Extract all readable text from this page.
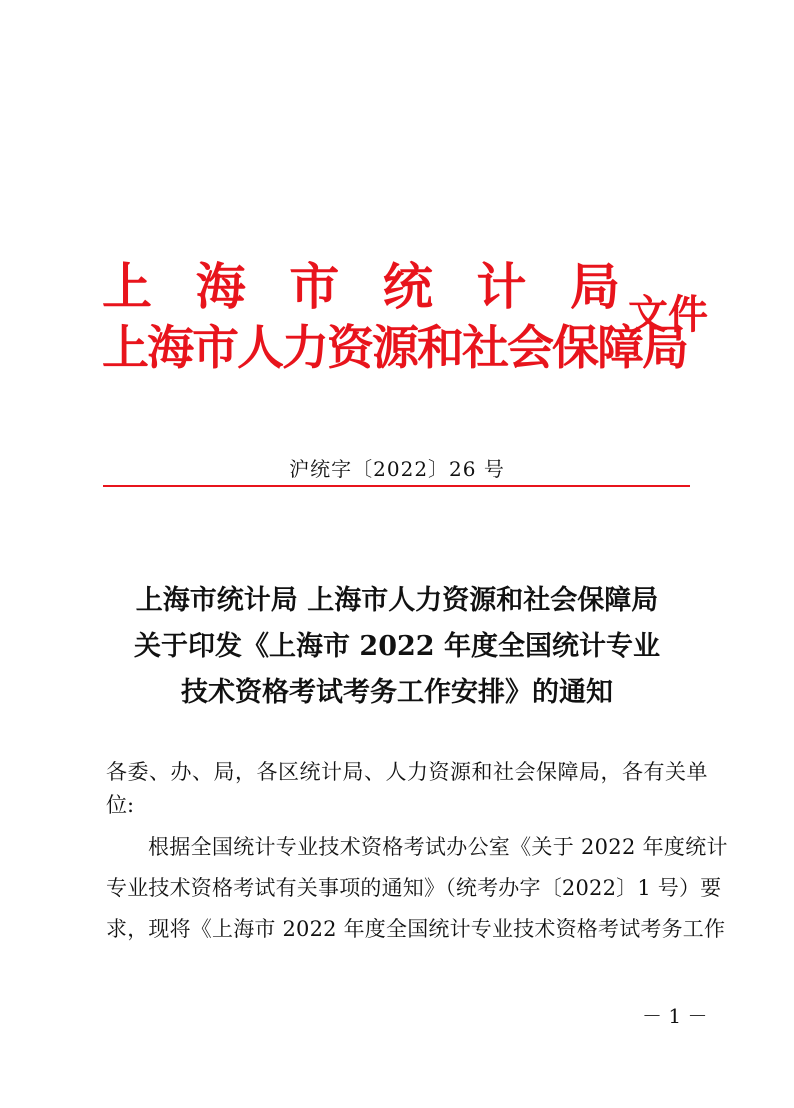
上 海 市 统 计 局
上海市人力资源和社会保障局
文件
沪统字〔2022〕26 号
上海市统计局 上海市人力资源和社会保障局
关于印发《上海市 2022 年度全国统计专业
技术资格考试考务工作安排》的通知
各委、办、局，各区统计局、人力资源和社会保障局，各有关单
位:
根据全国统计专业技术资格考试办公室《关于 2022 年度统计
专业技术资格考试有关事项的通知》（统考办字〔2022〕1 号）要
求，现将《上海市 2022 年度全国统计专业技术资格考试考务工作
－ 1 －
